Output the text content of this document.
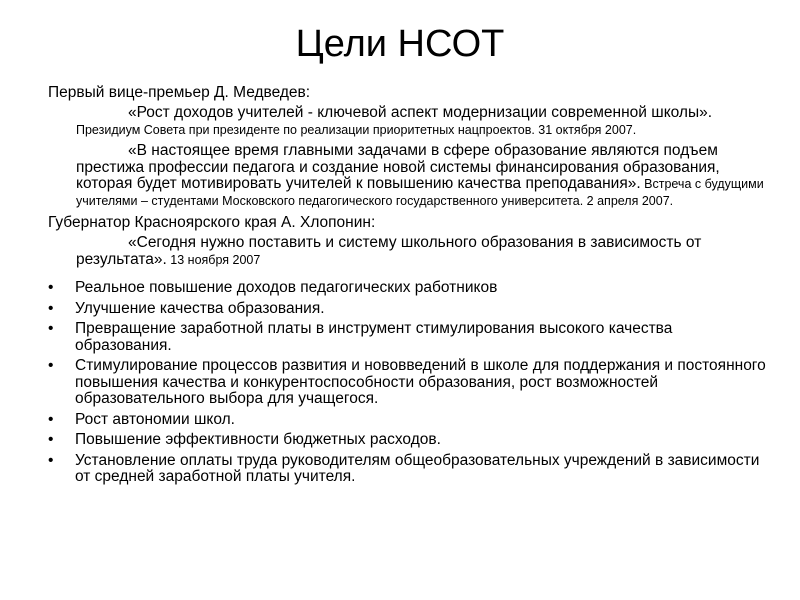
Цели НСОТ

Первый вице-премьер Д. Медведев:

«Рост доходов учителей - ключевой аспект модернизации современной школы». Президиум Совета при президенте по реализации приоритетных нацпроектов. 31 октября 2007.

«В настоящее время главными задачами в сфере образование являются подъем престижа профессии педагога и создание новой системы финансирования образования, которая будет мотивировать учителей к повышению качества преподавания». Встреча с будущими учителями – студентами Московского педагогического государственного университета. 2 апреля 2007.

Губернатор Красноярского края А. Хлопонин:

«Сегодня нужно поставить и систему школьного образования в зависимость от результата». 13 ноября 2007

• Реальное повышение доходов педагогических работников
• Улучшение качества образования.
• Превращение заработной платы в инструмент стимулирования высокого качества образования.
• Стимулирование процессов развития и нововведений в школе для поддержания и постоянного повышения качества и конкурентоспособности образования, рост возможностей образовательного выбора для учащегося.
• Рост автономии школ.
• Повышение эффективности бюджетных расходов.
• Установление оплаты труда руководителям общеобразовательных учреждений в зависимости от средней заработной платы учителя.
